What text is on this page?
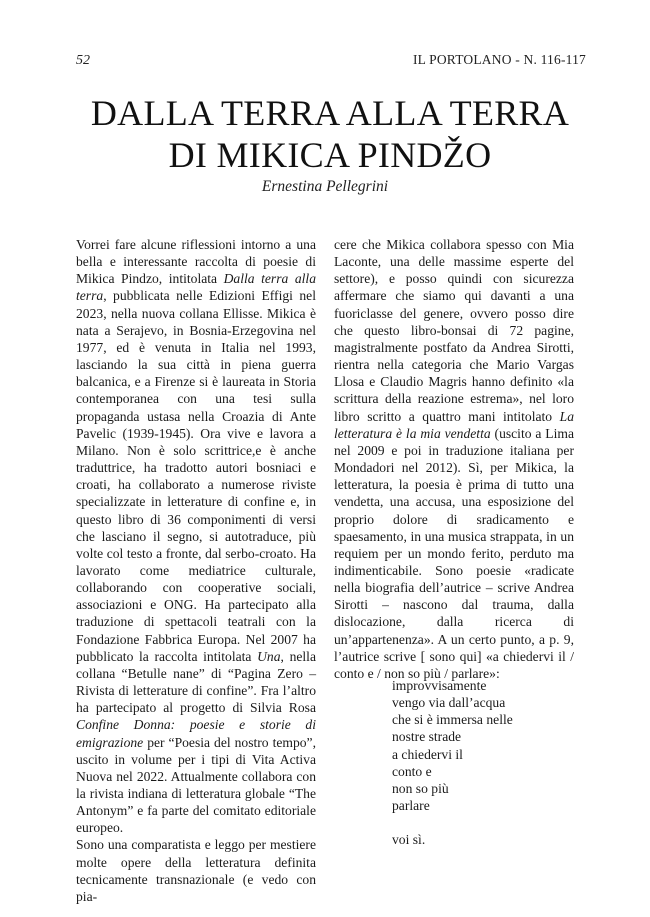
52	IL PORTOLANO - N. 116-117
DALLA TERRA ALLA TERRA
DI MIKICA PINDŽO
Ernestina Pellegrini

Vorrei fare alcune riflessioni intorno a una bella e interessante raccolta di poesie di Mikica Pindzo, intitolata Dalla terra alla terra, pubblicata nelle Edizioni Effigi nel 2023, nella nuova collana Ellisse. Mikica è nata a Serajevo, in Bosnia-Erzegovina nel 1977, ed è venuta in Italia nel 1993, lasciando la sua città in piena guerra balcanica, e a Firenze si è laureata in Storia contemporanea con una tesi sulla propaganda ustasa nella Croazia di Ante Pavelic (1939-1945). Ora vive e lavora a Milano. Non è solo scrittrice,e è anche traduttrice, ha tradotto autori bosniaci e croati, ha collaborato a numerose riviste specializzate in letterature di confine e, in questo libro di 36 componimenti di versi che lasciano il segno, si autotraduce, più volte col testo a fronte, dal serbo-croato. Ha lavorato come mediatrice culturale, collaborando con cooperative sociali, associazioni e ONG. Ha partecipato alla traduzione di spettacoli teatrali con la Fondazione Fabbrica Europa. Nel 2007 ha pubblicato la raccolta intitolata Una, nella collana “Betulle nane” di “Pagina Zero – Rivista di letterature di confine”. Fra l’altro ha partecipato al progetto di Silvia Rosa Confine Donna: poesie e storie di emigrazione per “Poesia del nostro tempo”, uscito in volume per i tipi di Vita Activa Nuova nel 2022. Attualmente collabora con la rivista indiana di letteratura globale “The Antonym” e fa parte del comitato editoriale europeo.

Sono una comparatista e leggo per mestiere molte opere della letteratura definita tecnicamente transnazionale (e vedo con pia-

cere che Mikica collabora spesso con Mia Laconte, una delle massime esperte del settore), e posso quindi con sicurezza affermare che siamo qui davanti a una fuoriclasse del genere, ovvero posso dire che questo libro-bonsai di 72 pagine, magistralmente postfato da Andrea Sirotti, rientra nella categoria che Mario Vargas Llosa e Claudio Magris hanno definito «la scrittura della reazione estrema», nel loro libro scritto a quattro mani intitolato La letteratura è la mia vendetta (uscito a Lima nel 2009 e poi in traduzione italiana per Mondadori nel 2012). Sì, per Mikica, la letteratura, la poesia è prima di tutto una vendetta, una accusa, una esposizione del proprio dolore di sradicamento e spaesamento, in una musica strappata, in un requiem per un mondo ferito, perduto ma indimenticabile. Sono poesie «radicate nella biografia dell’autrice – scrive Andrea Sirotti – nascono dal trauma, dalla dislocazione, dalla ricerca di un’appartenenza». A un certo punto, a p. 9, l’autrice scrive [ sono qui] «a chiedervi il / conto e / non so più / parlare»:

improvvisamente
vengo via dall’acqua
che si è immersa nelle
nostre strade
a chiedervi il
conto e
non so più
parlare
voi sì.
